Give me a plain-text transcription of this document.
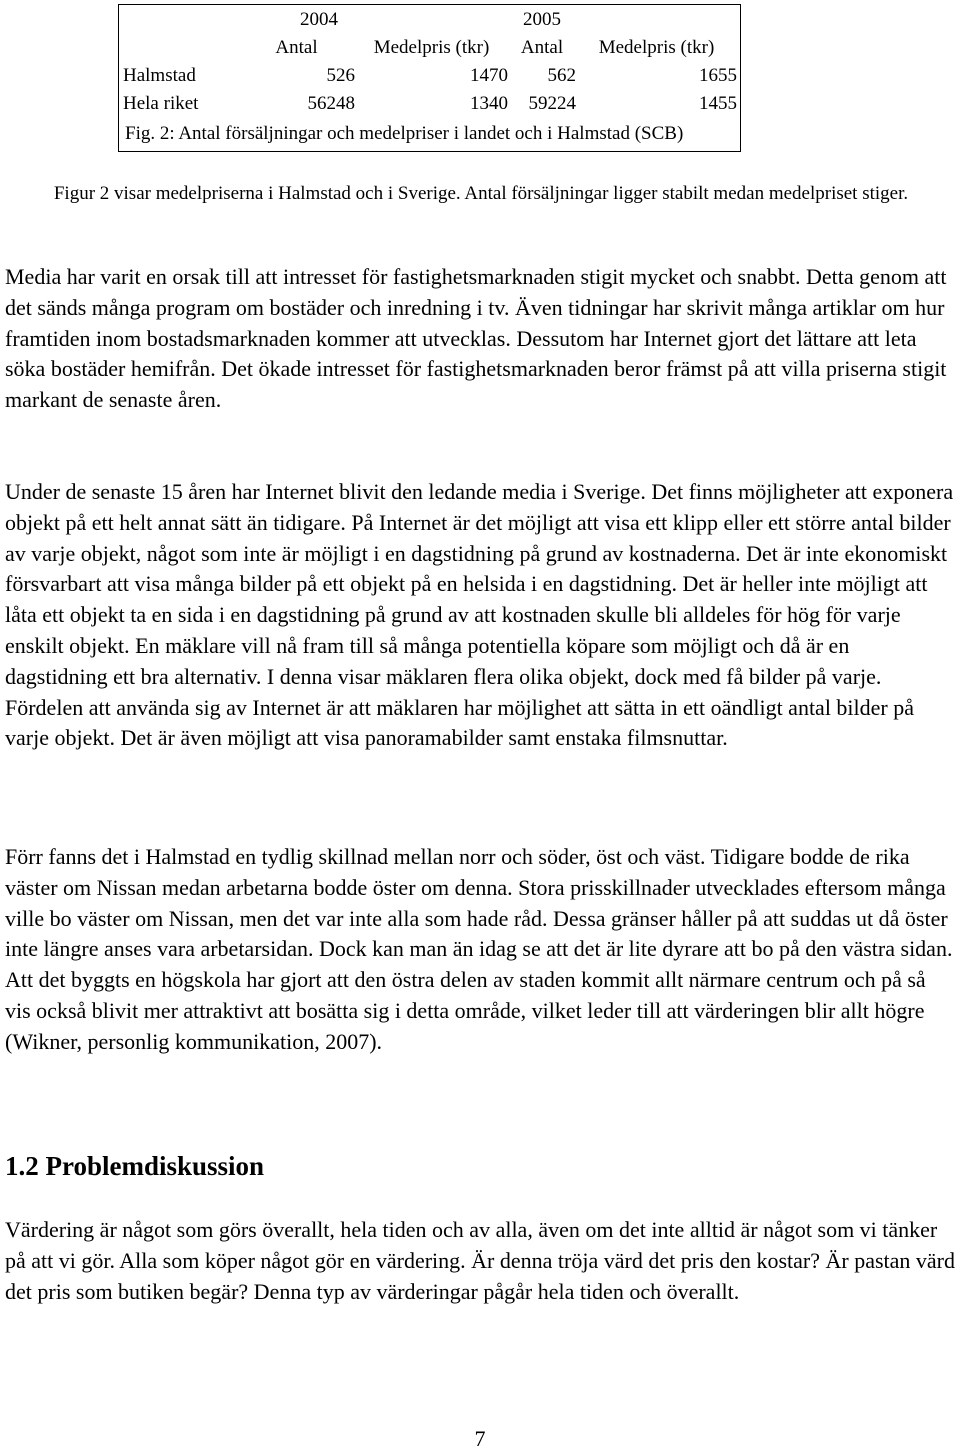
	2004		2005	
	Antal	Medelpris (tkr)	Antal	Medelpris (tkr)
Halmstad	526	1470	562	1655
Hela riket	56248	1340	59224	1455
Fig. 2: Antal försäljningar och medelpriser i landet och i Halmstad (SCB)
Figur 2 visar medelpriserna i Halmstad och i Sverige. Antal försäljningar ligger stabilt medan medelpriset stiger.

Media har varit en orsak till att intresset för fastighetsmarknaden stigit mycket och snabbt. Detta genom att det sänds många program om bostäder och inredning i tv. Även tidningar har skrivit många artiklar om hur framtiden inom bostadsmarknaden kommer att utvecklas. Dessutom har Internet gjort det lättare att leta söka bostäder hemifrån. Det ökade intresset för fastighetsmarknaden beror främst på att villa priserna stigit markant de senaste åren.

Under de senaste 15 åren har Internet blivit den ledande media i Sverige. Det finns möjligheter att exponera objekt på ett helt annat sätt än tidigare. På Internet är det möjligt att visa ett klipp eller ett större antal bilder av varje objekt, något som inte är möjligt i en dagstidning på grund av kostnaderna. Det är inte ekonomiskt försvarbart att visa många bilder på ett objekt på en helsida i en dagstidning. Det är heller inte möjligt att låta ett objekt ta en sida i en dagstidning på grund av att kostnaden skulle bli alldeles för hög för varje enskilt objekt. En mäklare vill nå fram till så många potentiella köpare som möjligt och då är en dagstidning ett bra alternativ. I denna visar mäklaren flera olika objekt, dock med få bilder på varje. Fördelen att använda sig av Internet är att mäklaren har möjlighet att sätta in ett oändligt antal bilder på varje objekt. Det är även möjligt att visa panoramabilder samt enstaka filmsnuttar.

Förr fanns det i Halmstad en tydlig skillnad mellan norr och söder, öst och väst. Tidigare bodde de rika väster om Nissan medan arbetarna bodde öster om denna. Stora prisskillnader utvecklades eftersom många ville bo väster om Nissan, men det var inte alla som hade råd. Dessa gränser håller på att suddas ut då öster inte längre anses vara arbetarsidan. Dock kan man än idag se att det är lite dyrare att bo på den västra sidan. Att det byggts en högskola har gjort att den östra delen av staden kommit allt närmare centrum och på så vis också blivit mer attraktivt att bosätta sig i detta område, vilket leder till att värderingen blir allt högre (Wikner, personlig kommunikation, 2007).

1.2 Problemdiskussion

Värdering är något som görs överallt, hela tiden och av alla, även om det inte alltid är något som vi tänker på att vi gör. Alla som köper något gör en värdering. Är denna tröja värd det pris den kostar? Är pastan värd det pris som butiken begär? Denna typ av värderingar pågår hela tiden och överallt.

7
